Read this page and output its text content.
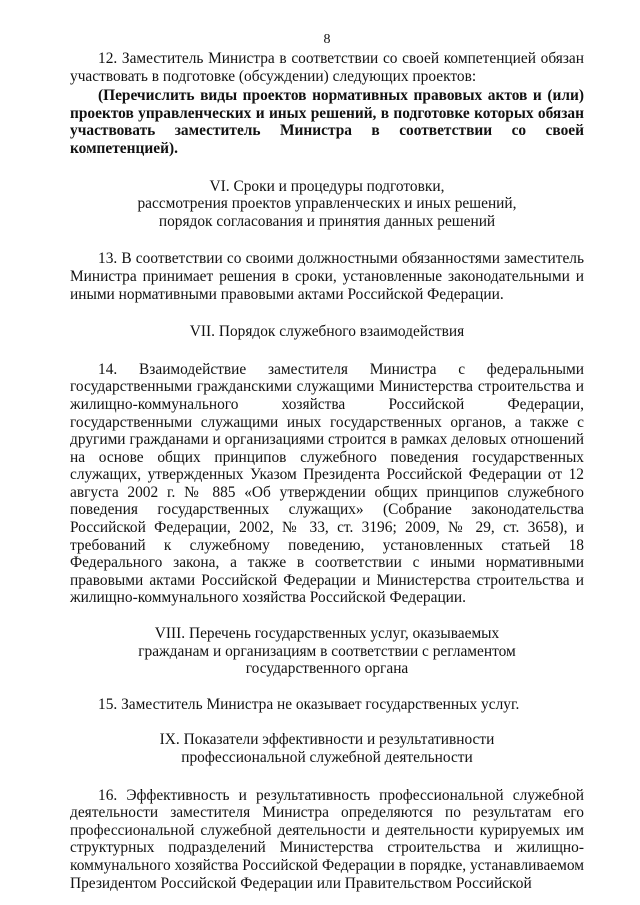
8

12. Заместитель Министра в соответствии со своей компетенцией обязан участвовать в подготовке (обсуждении) следующих проектов:

(Перечислить виды проектов нормативных правовых актов и (или) проектов управленческих и иных решений, в подготовке которых обязан участвовать заместитель Министра в соответствии со своей компетенцией).

VI. Сроки и процедуры подготовки,
рассмотрения проектов управленческих и иных решений,
порядок согласования и принятия данных решений

13. В соответствии со своими должностными обязанностями заместитель Министра принимает решения в сроки, установленные законодательными и иными нормативными правовыми актами Российской Федерации.

VII. Порядок служебного взаимодействия

14. Взаимодействие заместителя Министра с федеральными государственными гражданскими служащими Министерства строительства и жилищно-коммунального хозяйства Российской Федерации, государственными служащими иных государственных органов, а также с другими гражданами и организациями строится в рамках деловых отношений на основе общих принципов служебного поведения государственных служащих, утвержденных Указом Президента Российской Федерации от 12 августа 2002 г. № 885 «Об утверждении общих принципов служебного поведения государственных служащих» (Собрание законодательства Российской Федерации, 2002, № 33, ст. 3196; 2009, № 29, ст. 3658), и требований к служебному поведению, установленных статьей 18 Федерального закона, а также в соответствии с иными нормативными правовыми актами Российской Федерации и Министерства строительства и жилищно-коммунального хозяйства Российской Федерации.

VIII. Перечень государственных услуг, оказываемых
гражданам и организациям в соответствии с регламентом
государственного органа

15. Заместитель Министра не оказывает государственных услуг.

IX. Показатели эффективности и результативности
профессиональной служебной деятельности

16. Эффективность и результативность профессиональной служебной деятельности заместителя Министра определяются по результатам его профессиональной служебной деятельности и деятельности курируемых им структурных подразделений Министерства строительства и жилищно-коммунального хозяйства Российской Федерации в порядке, устанавливаемом Президентом Российской Федерации или Правительством Российской
